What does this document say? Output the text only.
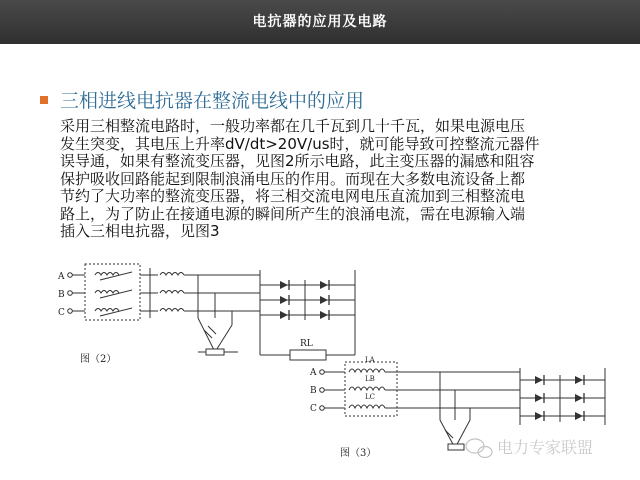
电抗器的应用及电路
三相进线电抗器在整流电线中的应用

采用三相整流电路时，一般功率都在几千瓦到几十千瓦，如果电源电压

发生突变，其电压上升率dV/dt>20V/us时，就可能导致可控整流元器件

误导通，如果有整流变压器，见图2所示电路，此主变压器的漏感和阻容

保护吸收回路能起到限制浪涌电压的作用。而现在大多数电流设备上都

节约了大功率的整流变压器，将三相交流电网电压直流加到三相整流电

路上，为了防止在接通电源的瞬间所产生的浪涌电流，需在电源输入端

插入三相电抗器，见图3

A
B
C
RL
图（2）
A
B
C
LA
LB
LC
图（3）	电力专家联盟
